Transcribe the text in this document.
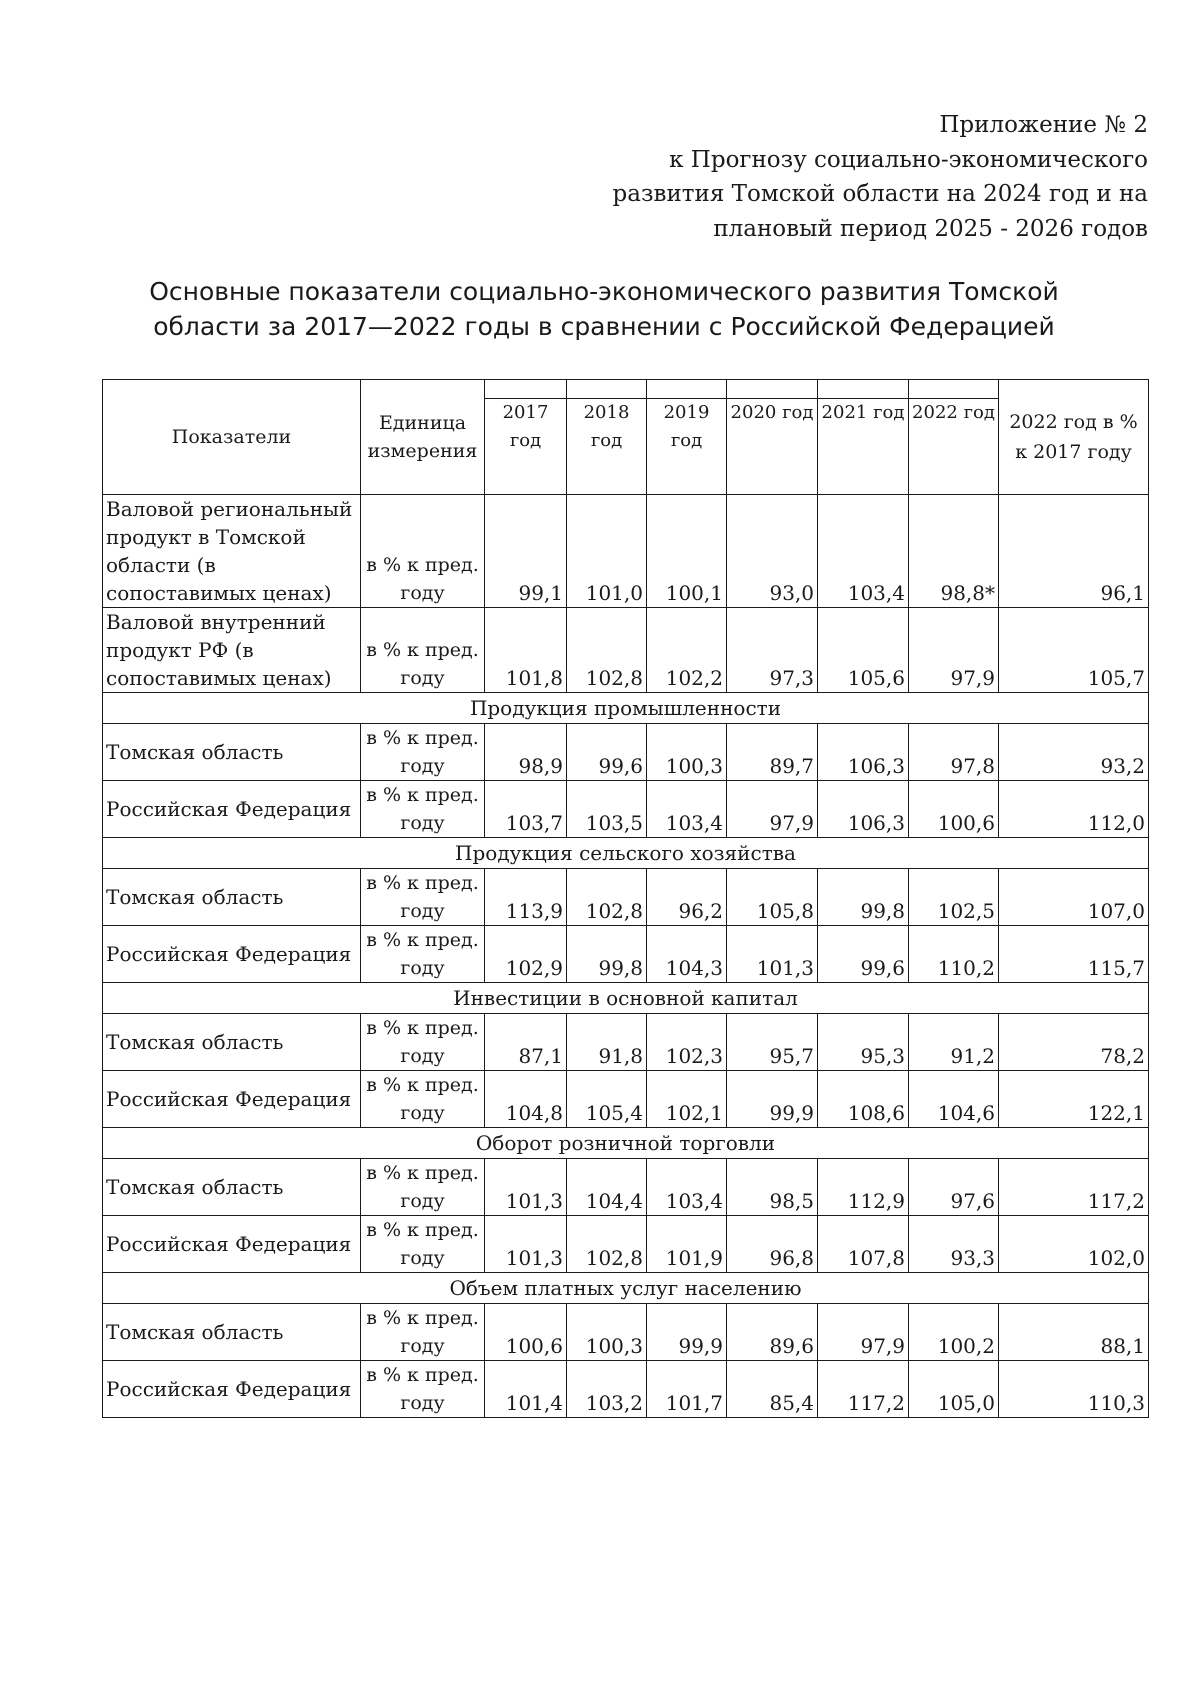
Приложение № 2
к Прогнозу социально-экономического
развития Томской области на 2024 год и на
плановый период 2025 - 2026 годов
Основные показатели социально-экономического развития Томской
области за 2017—2022 годы в сравнении с Российской Федерацией
Показатели	Единица измерения							2022 год в % к 2017 году
		2017 год	2018 год	2019 год	2020 год	2021 год	2022 год	
Валовой региональный продукт в Томской области (в сопоставимых ценах)	в % к пред. году	99,1	101,0	100,1	93,0	103,4	98,8*	96,1
Валовой внутренний продукт РФ (в сопоставимых ценах)	в % к пред. году	101,8	102,8	102,2	97,3	105,6	97,9	105,7
Продукция промышленности								
Томская область	в % к пред. году	98,9	99,6	100,3	89,7	106,3	97,8	93,2
Российская Федерация	в % к пред. году	103,7	103,5	103,4	97,9	106,3	100,6	112,0
Продукция сельского хозяйства								
Томская область	в % к пред. году	113,9	102,8	96,2	105,8	99,8	102,5	107,0
Российская Федерация	в % к пред. году	102,9	99,8	104,3	101,3	99,6	110,2	115,7
Инвестиции в основной капитал								
Томская область	в % к пред. году	87,1	91,8	102,3	95,7	95,3	91,2	78,2
Российская Федерация	в % к пред. году	104,8	105,4	102,1	99,9	108,6	104,6	122,1
Оборот розничной торговли								
Томская область	в % к пред. году	101,3	104,4	103,4	98,5	112,9	97,6	117,2
Российская Федерация	в % к пред. году	101,3	102,8	101,9	96,8	107,8	93,3	102,0
Объем платных услуг населению								
Томская область	в % к пред. году	100,6	100,3	99,9	89,6	97,9	100,2	88,1
Российская Федерация	в % к пред. году	101,4	103,2	101,7	85,4	117,2	105,0	110,3
